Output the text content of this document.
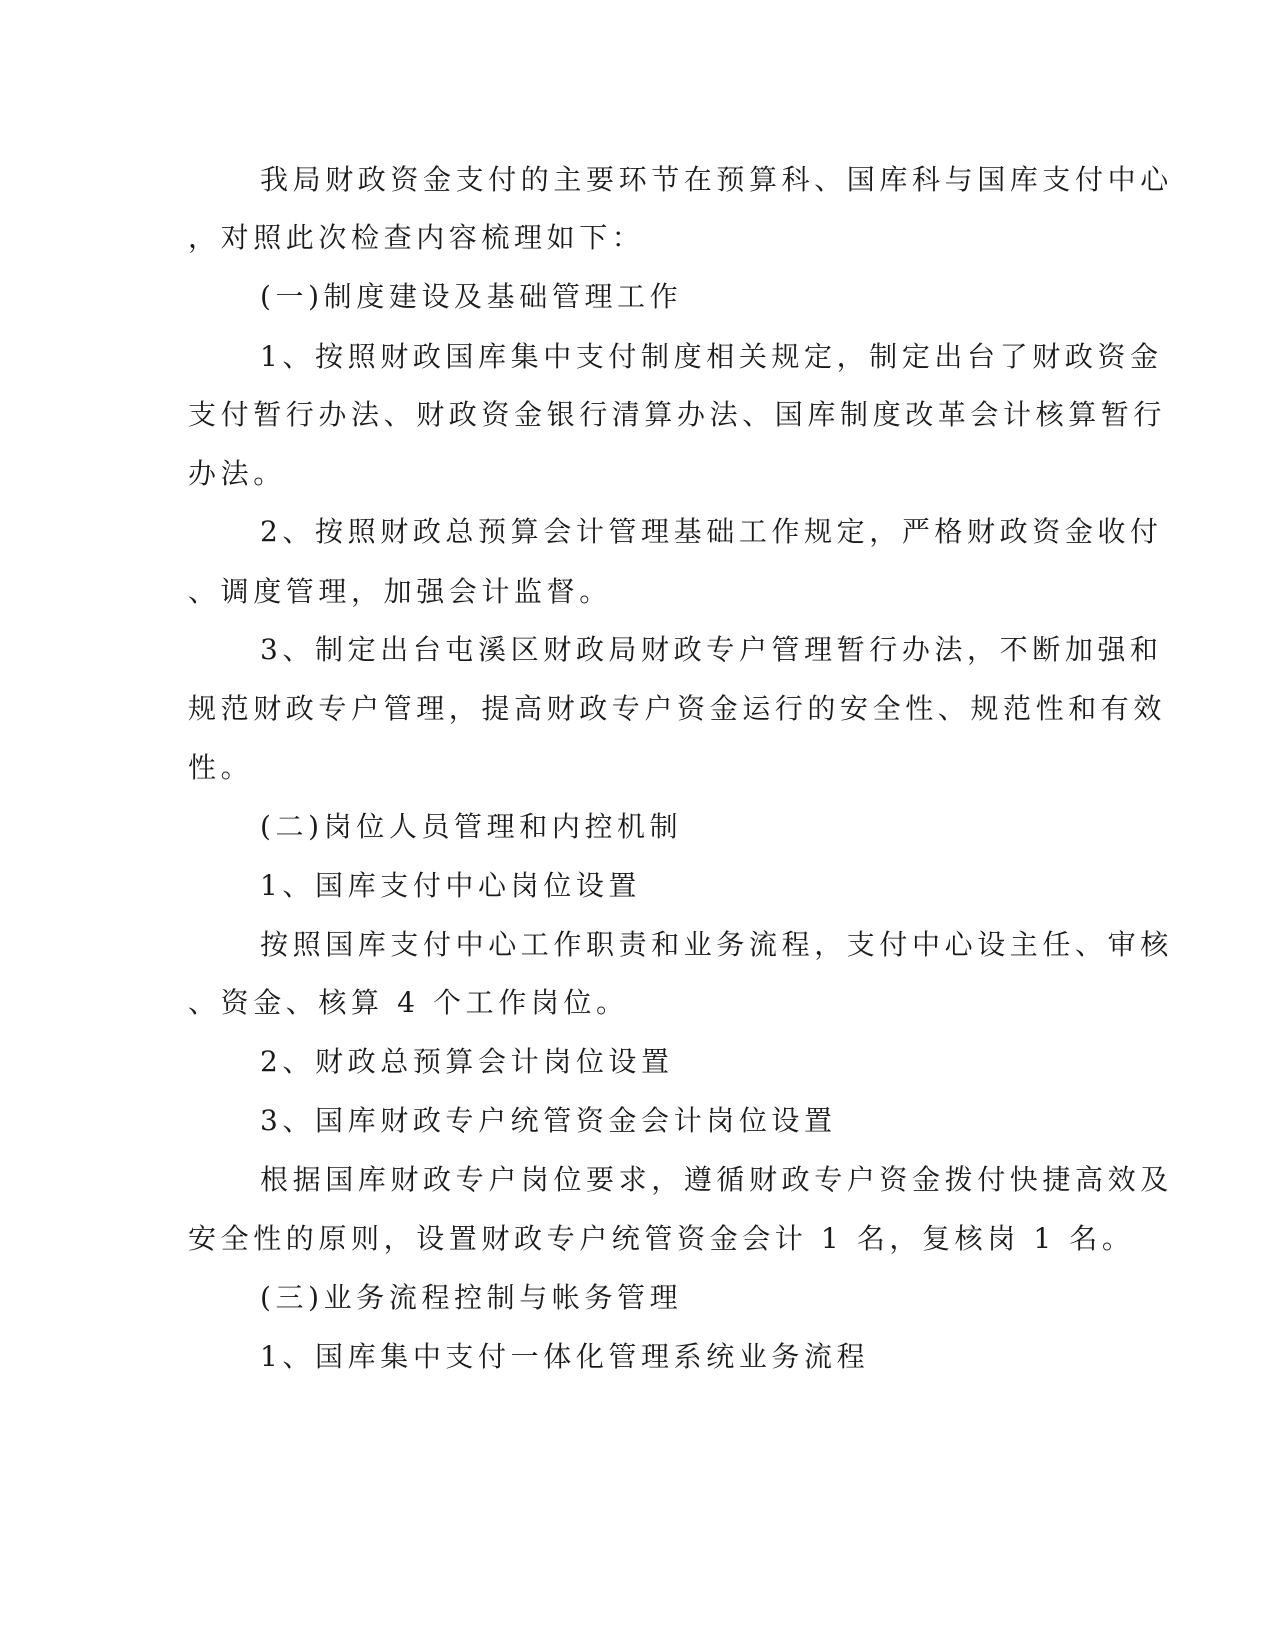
我局财政资金支付的主要环节在预算科、国库科与国库支付中心
，对照此次检查内容梳理如下：
(一)制度建设及基础管理工作
1、按照财政国库集中支付制度相关规定，制定出台了财政资金
支付暂行办法、财政资金银行清算办法、国库制度改革会计核算暂行
办法。
2、按照财政总预算会计管理基础工作规定，严格财政资金收付
、调度管理，加强会计监督。
3、制定出台屯溪区财政局财政专户管理暂行办法，不断加强和
规范财政专户管理，提高财政专户资金运行的安全性、规范性和有效
性。
(二)岗位人员管理和内控机制
1、国库支付中心岗位设置
按照国库支付中心工作职责和业务流程，支付中心设主任、审核
、资金、核算 4 个工作岗位。
2、财政总预算会计岗位设置
3、国库财政专户统管资金会计岗位设置
根据国库财政专户岗位要求，遵循财政专户资金拨付快捷高效及
安全性的原则，设置财政专户统管资金会计 1 名，复核岗 1 名。
(三)业务流程控制与帐务管理
1、国库集中支付一体化管理系统业务流程
